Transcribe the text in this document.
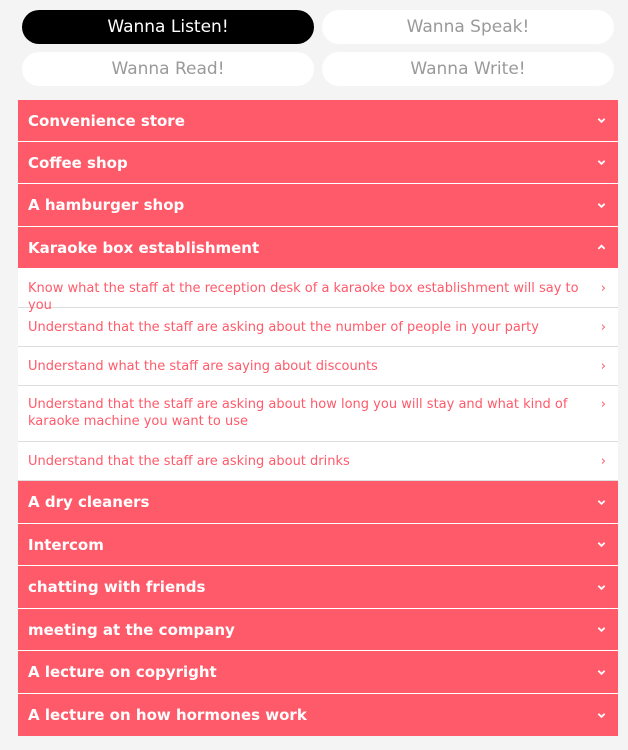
Wanna Listen!	Wanna Speak!
Wanna Read!	Wanna Write!
Convenience store
Coffee shop
A hamburger shop
Karaoke box establishment
Know what the staff at the reception desk of a karaoke box establishment will say to you
›
Understand that the staff are asking about the number of people in your party	›
Understand what the staff are saying about discounts	›
Understand that the staff are asking about how long you will stay and what kind of karaoke machine you want to use
›
Understand that the staff are asking about drinks	›
A dry cleaners
Intercom
chatting with friends
meeting at the company
A lecture on copyright
A lecture on how hormones work
